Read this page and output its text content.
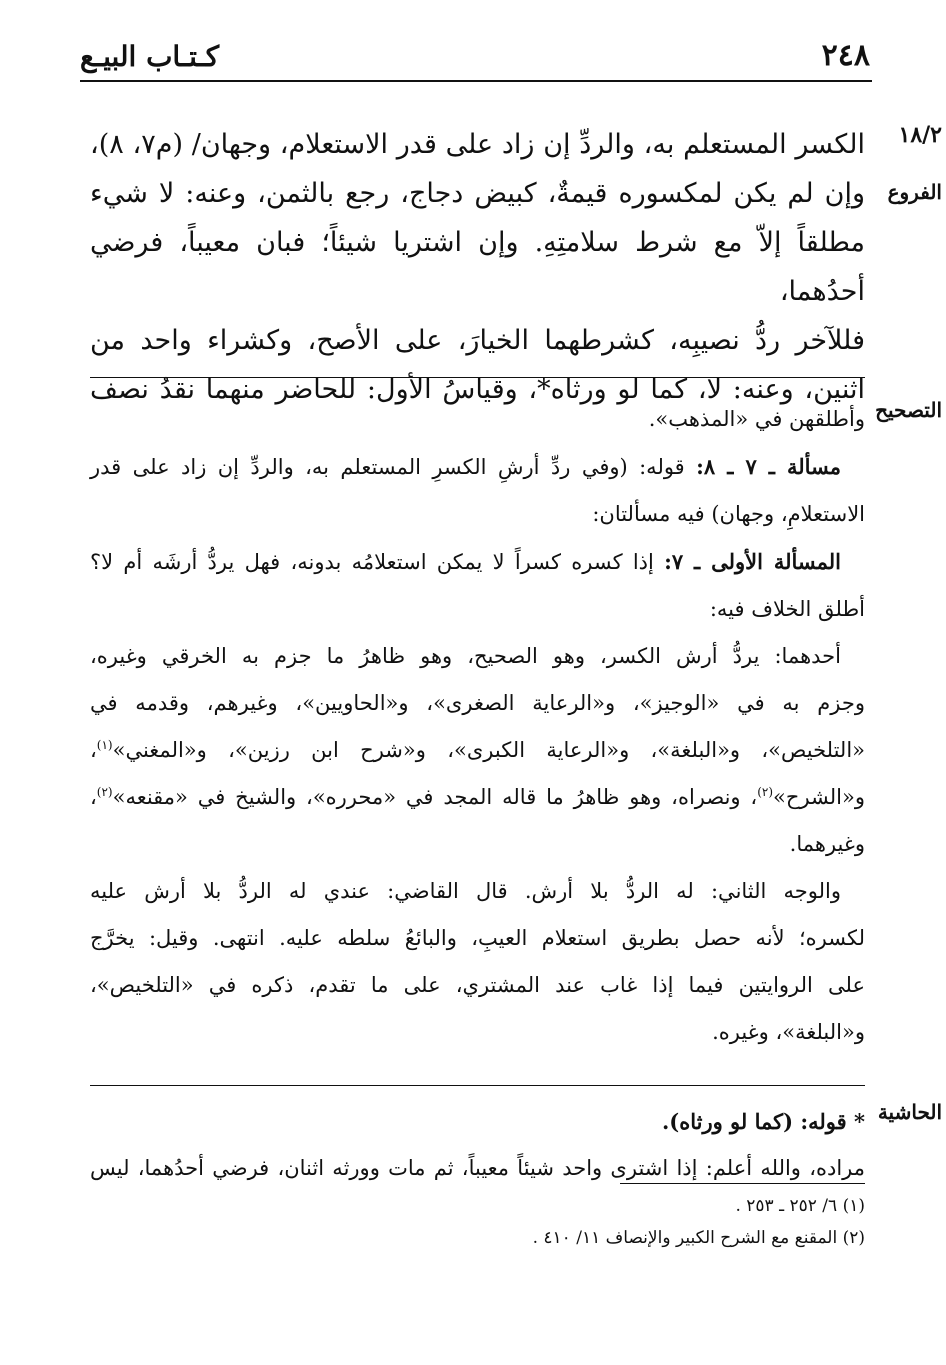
٢٤٨
كـتـاب البيـع
١٨/٢
الفروع
التصحيح
الحاشية
الكسر المستعلم به، والردِّ إن زاد على قدر الاستعلام، وجهان/ (م٧، ٨)،
وإن لم يكن لمكسوره قيمةٌ، كبيض دجاج، رجع بالثمن، وعنه: لا شيء
مطلقاً إلاّ مع شرط سلامتِهِ. وإن اشتريا شيئاً؛ فبان معيباً، فرضي أحدُهما،
فللآخر ردُّ نصيبِه، كشرطهما الخيارَ، على الأصح، وكشراء واحد من
اثنين، وعنه: لا، كما لو ورثاه*، وقياسُ الأول: للحاضر منهما نقدُ نصف
وأطلقهن في «المذهب».
مسألة ـ ٧ ـ ٨: قوله: (وفي ردِّ أرشِ الكسرِ المستعلم به، والردِّ إن زاد على قدر
الاستعلامِ، وجهان) فيه مسألتان:
المسألة الأولى ـ ٧: إذا كسره كسراً لا يمكن استعلامُه بدونه، فهل يردُّ أرشَه أم لا؟
أطلق الخلاف فيه:
أحدهما: يردُّ أرش الكسر، وهو الصحيح، وهو ظاهرُ ما جزم به الخرقي وغيره،
وجزم به في «الوجيز»، و«الرعاية الصغرى»، و«الحاويين»، وغيرهم، وقدمه في
«التلخيص»، و«البلغة»، و«الرعاية الكبرى»، و«شرح ابن رزين»، و«المغني»$^{(١)}$،
و«الشرح»$^{(٢)}$، ونصراه، وهو ظاهرُ ما قاله المجد في «محرره»، والشيخ في «مقنعه»$^{(٢)}$،
وغيرهما.
والوجه الثاني: له الردُّ بلا أرش. قال القاضي: عندي له الردُّ بلا أرش عليه
لكسره؛ لأنه حصل بطريق استعلام العيبِ، والبائعُ سلطه عليه. انتهى. وقيل: يخرَّج
على الروايتين فيما إذا غاب عند المشتري، على ما تقدم، ذكره في «التلخيص»،
و«البلغة»، وغيره.
* قوله: (كما لو ورثاه).
مراده، والله أعلم: إذا اشترى واحد شيئاً معيباً، ثم مات وورثه اثنان، فرضي أحدُهما، ليس
(١) ٦/ ٢٥٢ ـ ٢٥٣ .
(٢) المقنع مع الشرح الكبير والإنصاف ١١/ ٤١٠ .
